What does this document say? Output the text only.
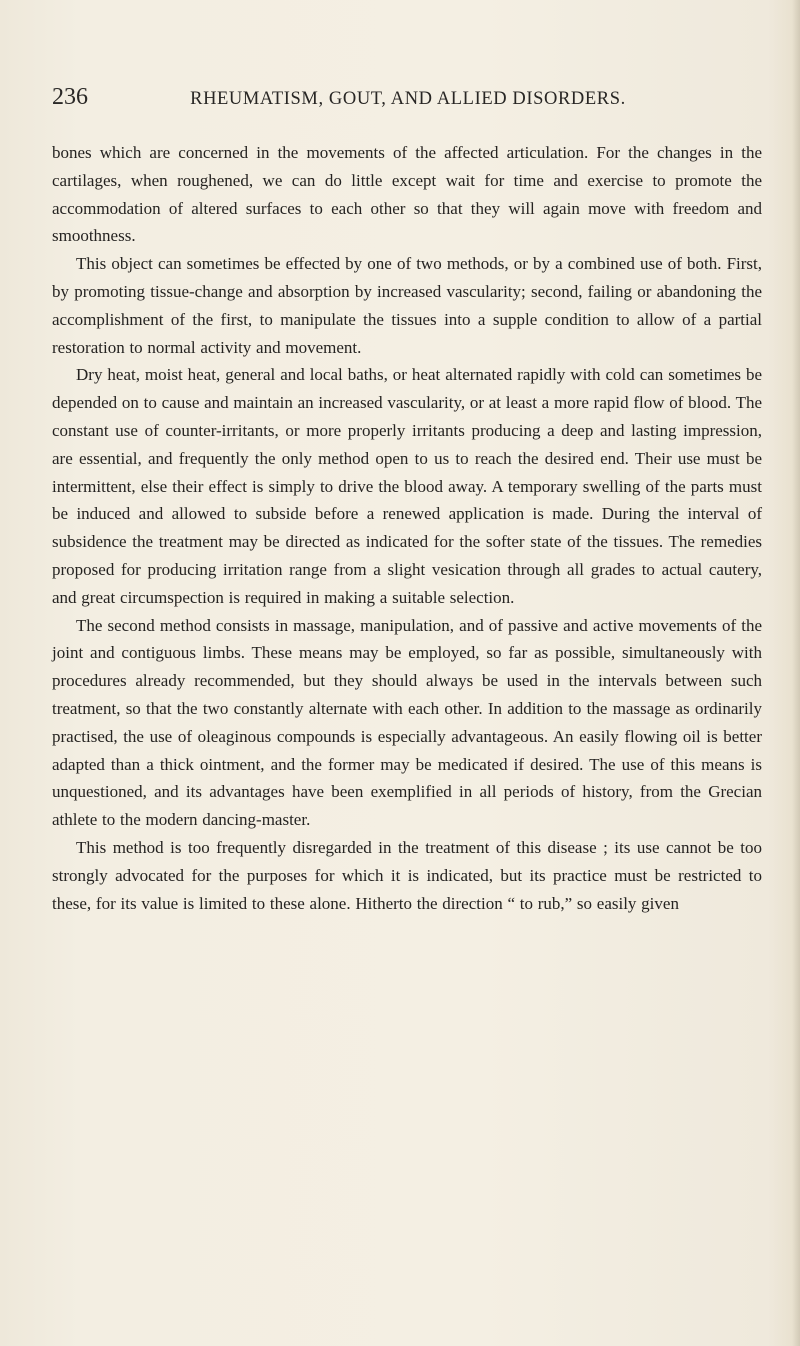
236	RHEUMATISM, GOUT, AND ALLIED DISORDERS.

bones which are concerned in the movements of the affected articulation. For the changes in the cartilages, when roughened, we can do little except wait for time and exercise to promote the accommodation of altered surfaces to each other so that they will again move with freedom and smoothness.

This object can sometimes be effected by one of two methods, or by a combined use of both. First, by promoting tissue-change and absorption by increased vascularity; second, failing or abandoning the accomplishment of the first, to manipulate the tissues into a supple condition to allow of a partial restoration to normal activity and movement.

Dry heat, moist heat, general and local baths, or heat alternated rapidly with cold can sometimes be depended on to cause and maintain an increased vascularity, or at least a more rapid flow of blood. The constant use of counter-irritants, or more properly irritants producing a deep and lasting impression, are essential, and frequently the only method open to us to reach the desired end. Their use must be intermittent, else their effect is simply to drive the blood away. A temporary swelling of the parts must be induced and allowed to subside before a renewed application is made. During the interval of subsidence the treatment may be directed as indicated for the softer state of the tissues. The remedies proposed for producing irritation range from a slight vesication through all grades to actual cautery, and great circumspection is required in making a suitable selection.

The second method consists in massage, manipulation, and of passive and active movements of the joint and contiguous limbs. These means may be employed, so far as possible, simultaneously with procedures already recommended, but they should always be used in the intervals between such treatment, so that the two constantly alternate with each other. In addition to the massage as ordinarily practised, the use of oleaginous compounds is especially advantageous. An easily flowing oil is better adapted than a thick ointment, and the former may be medicated if desired. The use of this means is unquestioned, and its advantages have been exemplified in all periods of history, from the Grecian athlete to the modern dancing-master.

This method is too frequently disregarded in the treatment of this disease ; its use cannot be too strongly advocated for the purposes for which it is indicated, but its practice must be restricted to these, for its value is limited to these alone. Hitherto the direction “ to rub,” so easily given
